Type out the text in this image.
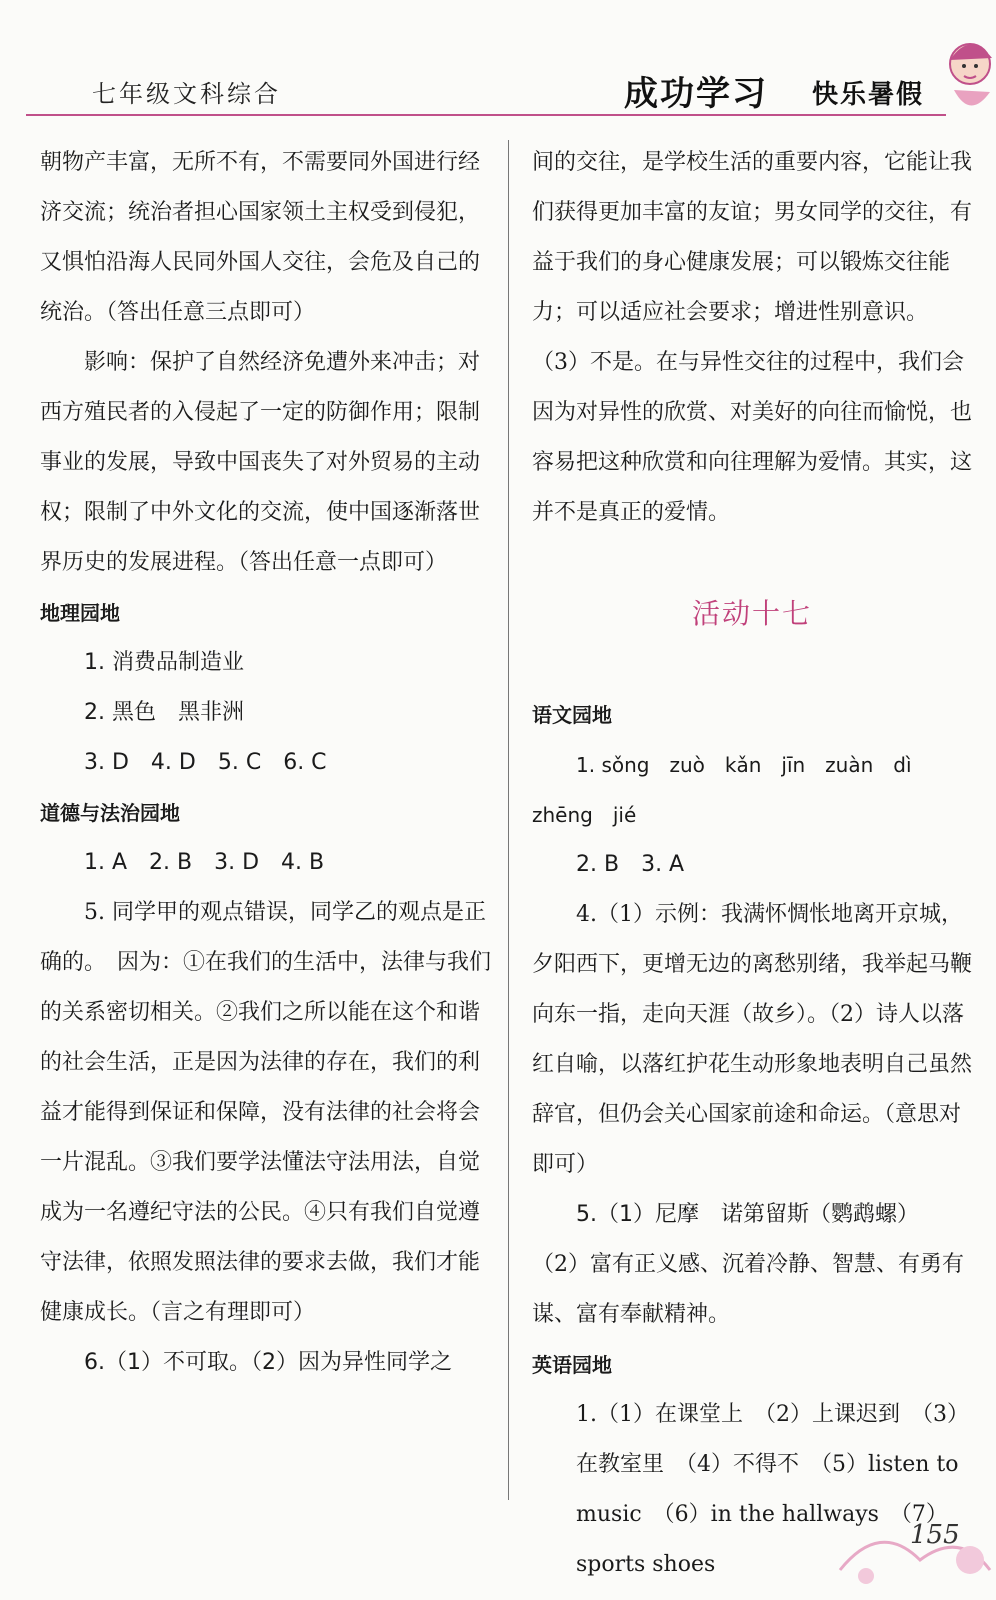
七年级文科综合	成功学习 快乐暑假

朝物产丰富，无所不有，不需要同外国进行经济交流；统治者担心国家领土主权受到侵犯，又惧怕沿海人民同外国人交往，会危及自己的统治。（答出任意三点即可）

影响：保护了自然经济免遭外来冲击；对西方殖民者的入侵起了一定的防御作用；限制事业的发展，导致中国丧失了对外贸易的主动权；限制了中外文化的交流，使中国逐渐落世界历史的发展进程。（答出任意一点即可）

地理园地

1. 消费品制造业

2. 黑色　黑非洲

3. D　4. D　5. C　6. C

道德与法治园地

1. A　2. B　3. D　4. B

5. 同学甲的观点错误，同学乙的观点是正确的。　因为：①在我们的生活中，法律与我们的关系密切相关。②我们之所以能在这个和谐的社会生活，正是因为法律的存在，我们的利益才能得到保证和保障，没有法律的社会将会一片混乱。③我们要学法懂法守法用法，自觉成为一名遵纪守法的公民。④只有我们自觉遵守法律，依照发照法律的要求去做，我们才能健康成长。（言之有理即可）

6.（1）不可取。（2）因为异性同学之

间的交往，是学校生活的重要内容，它能让我们获得更加丰富的友谊；男女同学的交往，有益于我们的身心健康发展；可以锻炼交往能力；可以适应社会要求；增进性别意识。　（3）不是。在与异性交往的过程中，我们会因为对异性的欣赏、对美好的向往而愉悦，也容易把这种欣赏和向往理解为爱情。其实，这并不是真正的爱情。

活动十七

语文园地

1. sǒng　zuò　kǎn　jīn　zuàn　dì

zhēng　jié

2. B　3. A

4.（1）示例：我满怀惆怅地离开京城，夕阳西下，更增无边的离愁别绪，我举起马鞭向东一指，走向天涯（故乡）。（2）诗人以落红自喻，以落红护花生动形象地表明自己虽然辞官，但仍会关心国家前途和命运。（意思对即可）

5.（1）尼摩　诺第留斯（鹦鹉螺）

（2）富有正义感、沉着冷静、智慧、有勇有谋、富有奉献精神。

英语园地

1.（1）在课堂上　（2）上课迟到　（3）在教室里　（4）不得不　（5）listen to music　（6）in the hallways　（7）sports shoes

155
